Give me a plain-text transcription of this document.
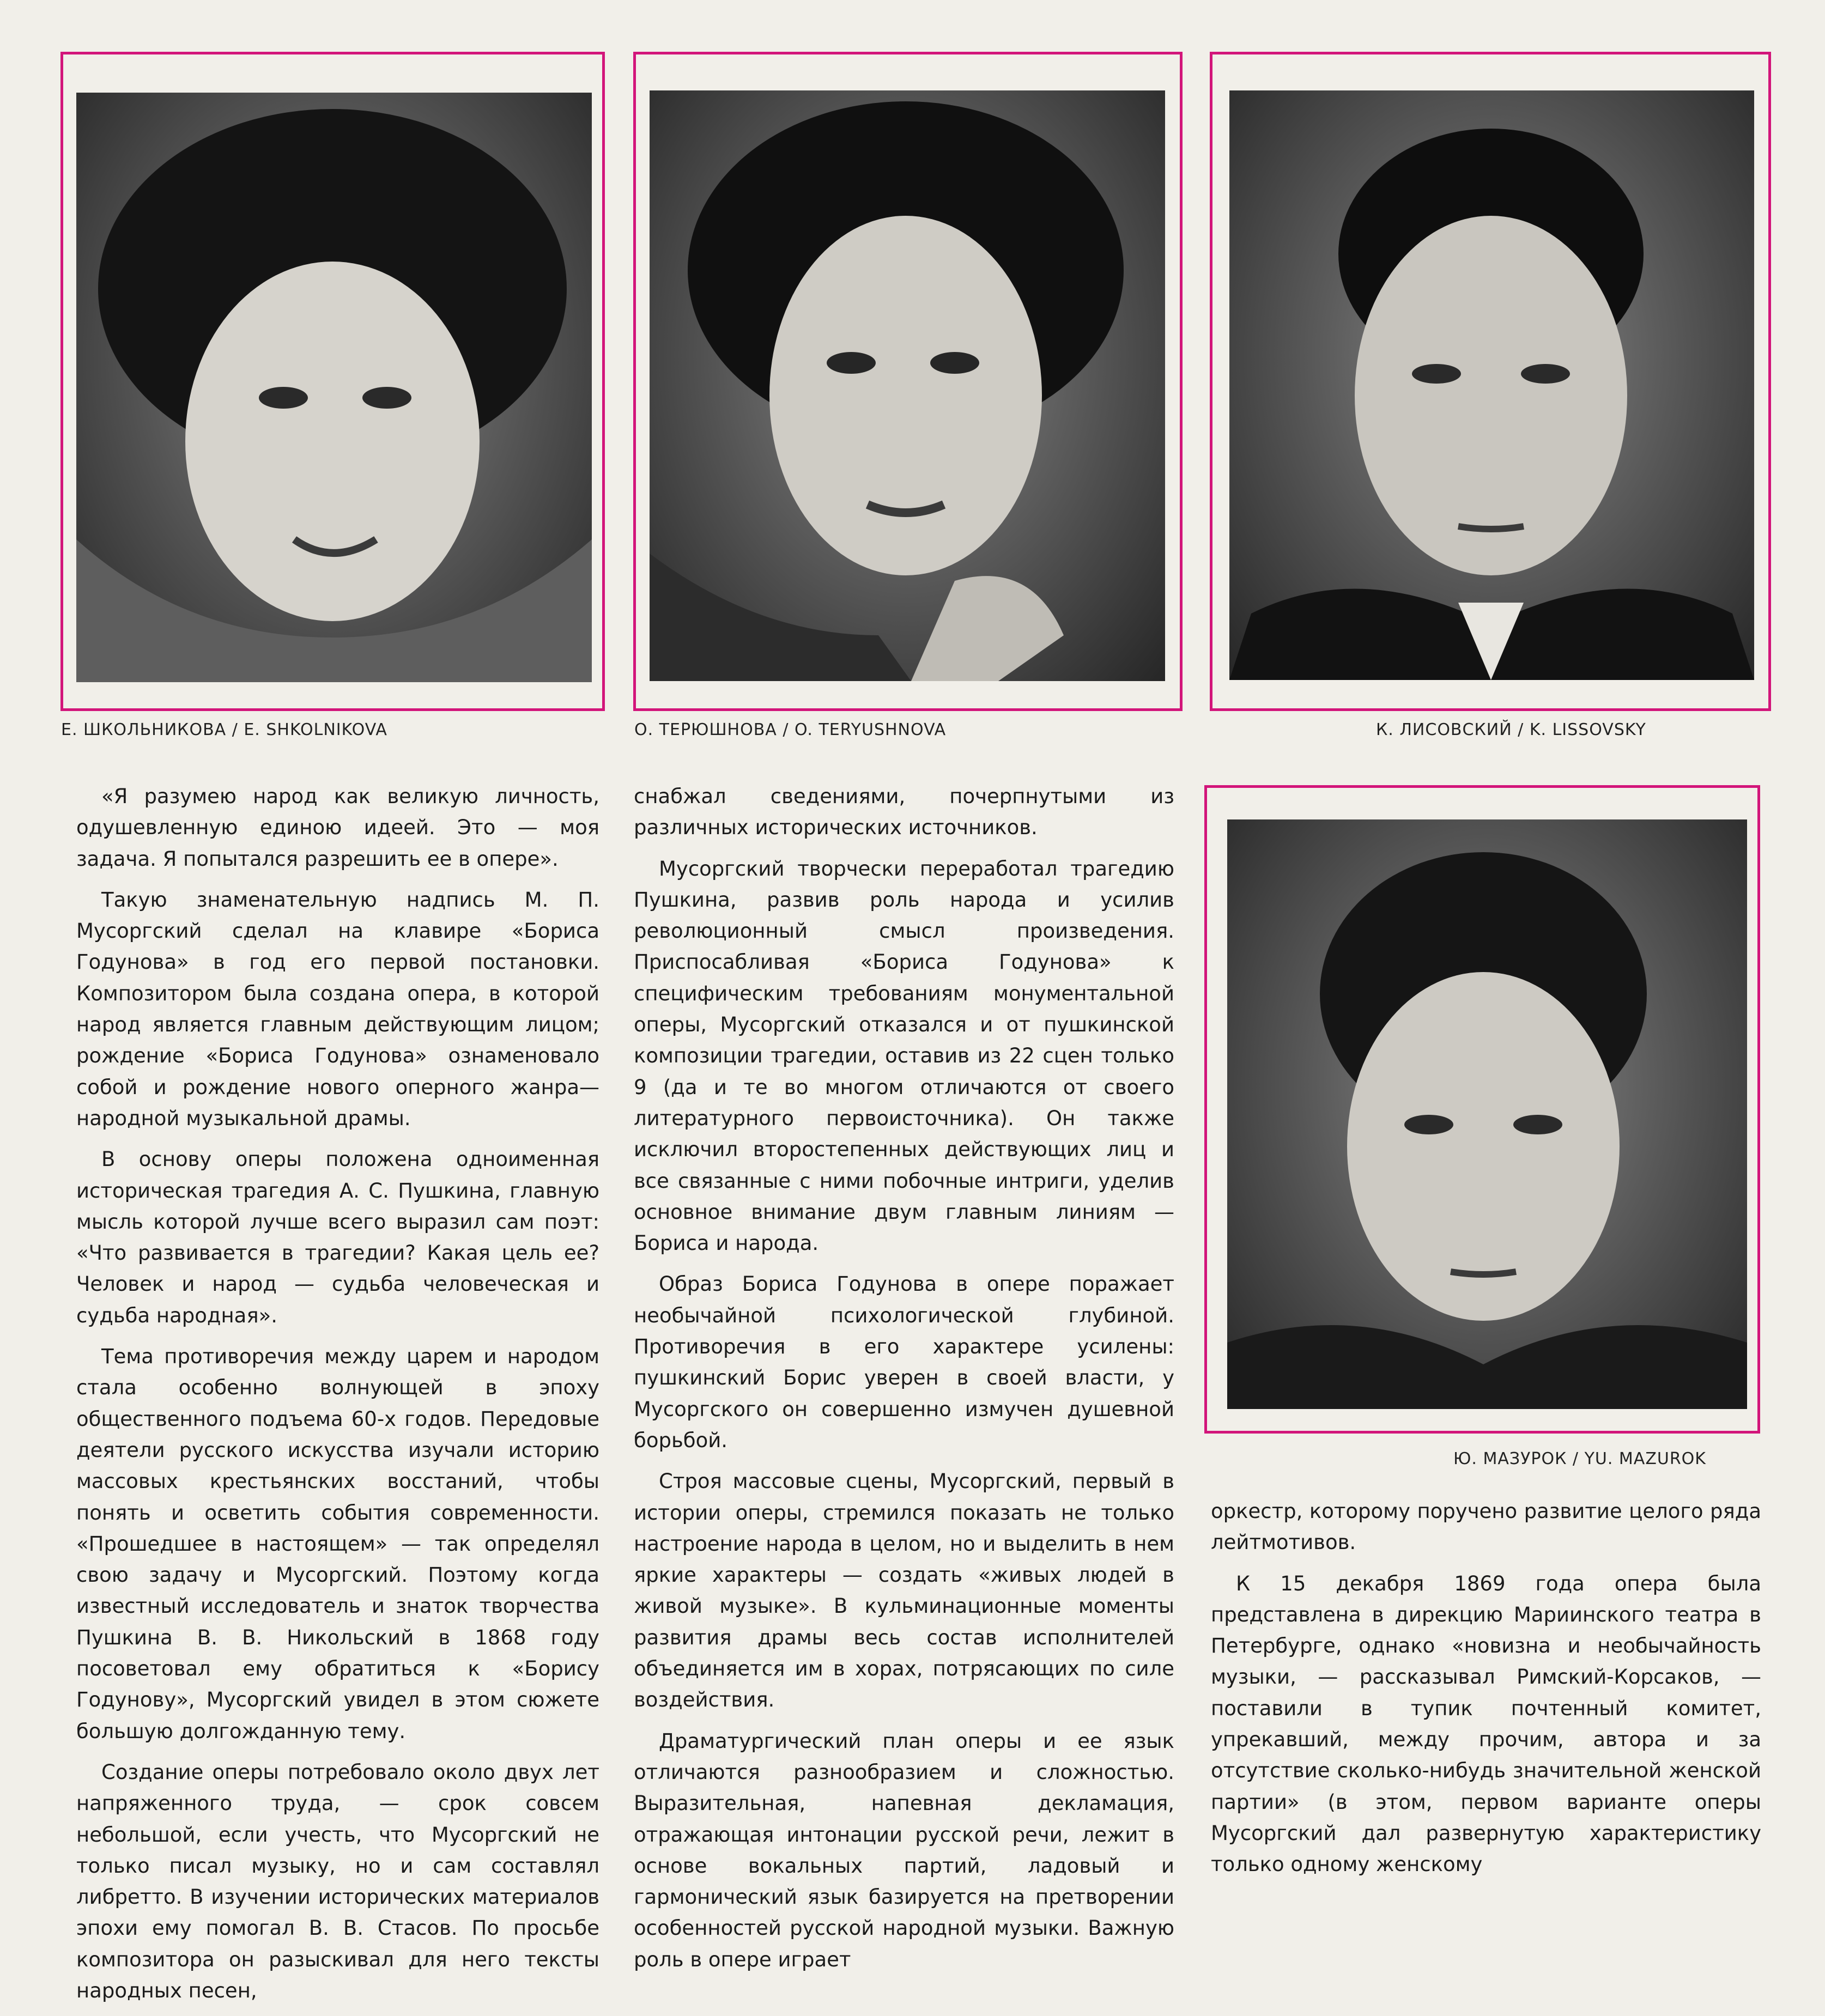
Е. ШКОЛЬНИКОВА / E. SHKOLNIKOVA	О. ТЕРЮШНОВА / O. TERYUSHNOVA	К. ЛИСОВСКИЙ / K. LISSOVSKY
Ю. МАЗУРОК / YU. MAZUROK

«Я разумею народ как великую личность, одушевленную единою идеей. Это — моя задача. Я попытался разрешить ее в опере».

Такую знаменательную надпись М. П. Мусоргский сделал на клавире «Бориса Годунова» в год его первой постановки. Композитором была создана опера, в которой народ является главным действующим лицом; рождение «Бориса Годунова» ознаменовало собой и рождение нового оперного жанра—народной музыкальной драмы.

В основу оперы положена одноименная историческая трагедия А. С. Пушкина, главную мысль которой лучше всего выразил сам поэт: «Что развивается в трагедии? Какая цель ее? Человек и народ — судьба человеческая и судьба народная».

Тема противоречия между царем и народом стала особенно волнующей в эпоху общественного подъема 60-х годов. Передовые деятели русского искусства изучали историю массовых крестьянских восстаний, чтобы понять и осветить события современности. «Прошедшее в настоящем» — так определял свою задачу и Мусоргский. Поэтому когда известный исследователь и знаток творчества Пушкина В. В. Никольский в 1868 году посоветовал ему обратиться к «Борису Годунову», Мусоргский увидел в этом сюжете большую долгожданную тему.

Создание оперы потребовало около двух лет напряженного труда, — срок совсем небольшой, если учесть, что Мусоргский не только писал музыку, но и сам составлял либретто. В изучении исторических материалов эпохи ему помогал В. В. Стасов. По просьбе композитора он разыскивал для него тексты народных песен,

снабжал сведениями, почерпнутыми из различных исторических источников.

Мусоргский творчески переработал трагедию Пушкина, развив роль народа и усилив революционный смысл произведения. Приспосабливая «Бориса Годунова» к специфическим требованиям монументальной оперы, Мусоргский отказался и от пушкинской композиции трагедии, оставив из 22 сцен только 9 (да и те во многом отличаются от своего литературного первоисточника). Он также исключил второстепенных действующих лиц и все связанные с ними побочные интриги, уделив основное внимание двум главным линиям — Бориса и народа.

Образ Бориса Годунова в опере поражает необычайной психологической глубиной. Противоречия в его характере усилены: пушкинский Борис уверен в своей власти, у Мусоргского он совершенно измучен душевной борьбой.

Строя массовые сцены, Мусоргский, первый в истории оперы, стремился показать не только настроение народа в целом, но и выделить в нем яркие характеры — создать «живых людей в живой музыке». В кульминационные моменты развития драмы весь состав исполнителей объединяется им в хорах, потрясающих по силе воздействия.

Драматургический план оперы и ее язык отличаются разнообразием и сложностью. Выразительная, напевная декламация, отражающая интонации русской речи, лежит в основе вокальных партий, ладовый и гармонический язык базируется на претворении особенностей русской народной музыки. Важную роль в опере играет

оркестр, которому поручено развитие целого ряда лейтмотивов.

К 15 декабря 1869 года опера была представлена в дирекцию Мариинского театра в Петербурге, однако «новизна и необычайность музыки, — рассказывал Римский-Корсаков, — поставили в тупик почтенный комитет, упрекавший, между прочим, автора и за отсутствие сколько-нибудь значительной женской партии» (в этом, первом варианте оперы Мусоргский дал развернутую характеристику только одному женскому
